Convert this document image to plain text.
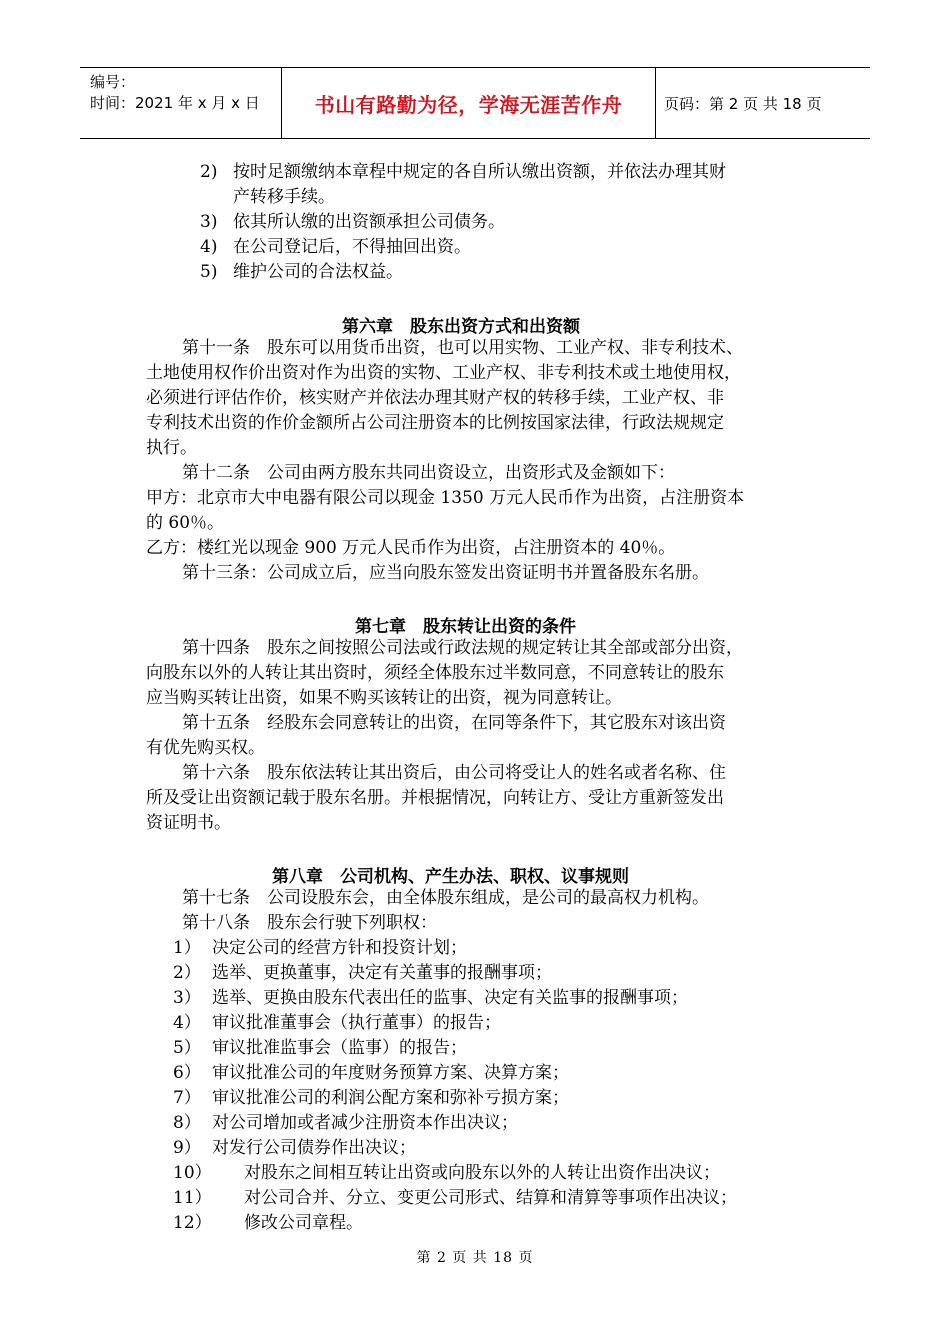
编号：
时间：2021 年 x 月 x 日	书山有路勤为径，学海无涯苦作舟	页码：第 2 页 共 18 页
2) 按时足额缴纳本章程中规定的各自所认缴出资额，并依法办理其财
产转移手续。
3) 依其所认缴的出资额承担公司债务。
4) 在公司登记后，不得抽回出资。
5) 维护公司的合法权益。
第六章　股东出资方式和出资额
第十一条　股东可以用货币出资，也可以用实物、工业产权、非专利技术、
土地使用权作价出资对作为出资的实物、工业产权、非专利技术或土地使用权，
必须进行评估作价，核实财产并依法办理其财产权的转移手续，工业产权、非
专利技术出资的作价金额所占公司注册资本的比例按国家法律，行政法规规定
执行。
第十二条　公司由两方股东共同出资设立，出资形式及金额如下：
甲方：北京市大中电器有限公司以现金 1350 万元人民币作为出资，占注册资本
的 60％。
乙方：楼红光以现金 900 万元人民币作为出资，占注册资本的 40％。
第十三条：公司成立后，应当向股东签发出资证明书并置备股东名册。
第七章　股东转让出资的条件
第十四条　股东之间按照公司法或行政法规的规定转让其全部或部分出资，
向股东以外的人转让其出资时，须经全体股东过半数同意，不同意转让的股东
应当购买转让出资，如果不购买该转让的出资，视为同意转让。
第十五条　经股东会同意转让的出资，在同等条件下，其它股东对该出资
有优先购买权。
第十六条　股东依法转让其出资后，由公司将受让人的姓名或者名称、住
所及受让出资额记载于股东名册。并根据情况，向转让方、受让方重新签发出
资证明书。
第八章　公司机构、产生办法、职权、议事规则
第十七条　公司设股东会，由全体股东组成，是公司的最高权力机构。
第十八条　股东会行驶下列职权：
1） 决定公司的经营方针和投资计划；
2） 选举、更换董事，决定有关董事的报酬事项；
3） 选举、更换由股东代表出任的监事、决定有关监事的报酬事项；
4） 审议批准董事会（执行董事）的报告；
5） 审议批准监事会（监事）的报告；
6） 审议批准公司的年度财务预算方案、决算方案；
7） 审议批准公司的利润公配方案和弥补亏损方案；
8） 对公司增加或者减少注册资本作出决议；
9） 对发行公司债券作出决议；
10） 对股东之间相互转让出资或向股东以外的人转让出资作出决议；
11） 对公司合并、分立、变更公司形式、结算和清算等事项作出决议；
12） 修改公司章程。
第 2 页 共 18 页
